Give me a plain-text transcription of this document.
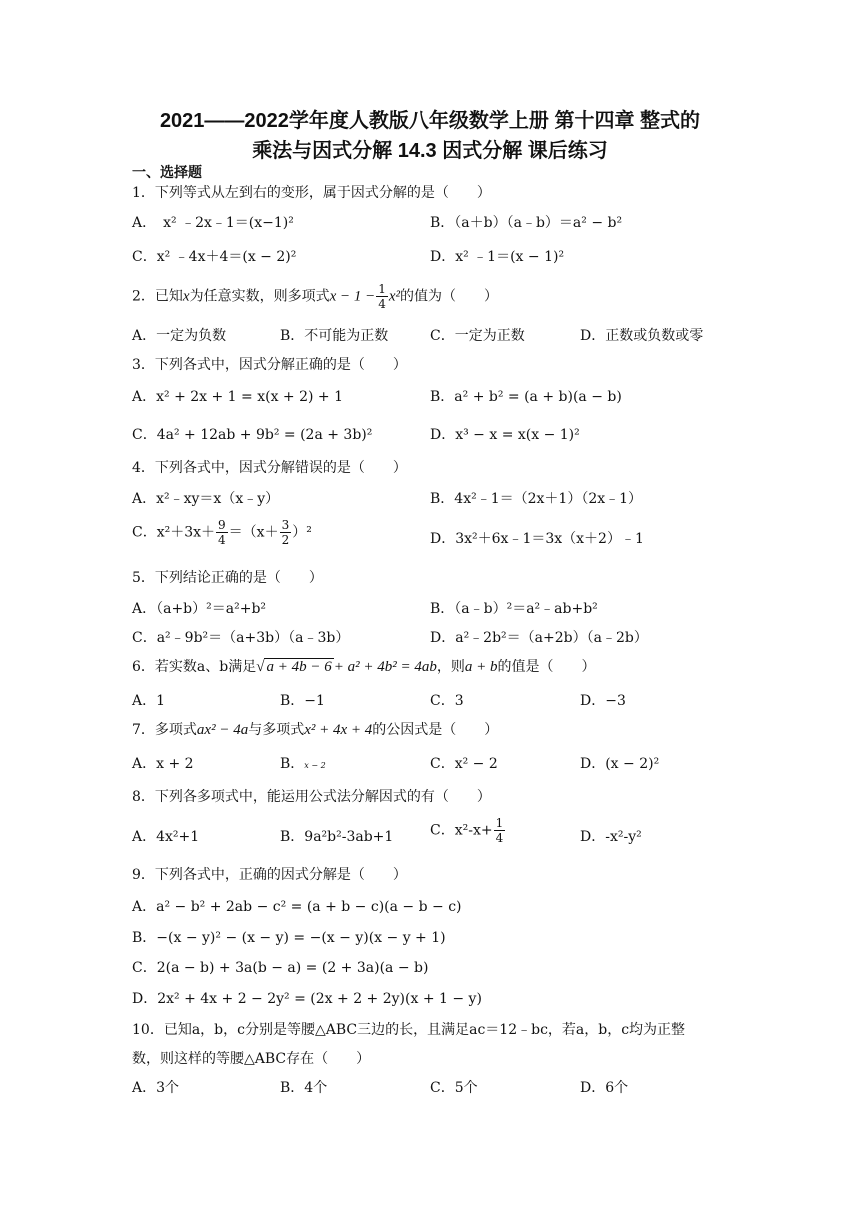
2021——2022学年度人教版八年级数学上册 第十四章 整式的
乘法与因式分解 14.3 因式分解 课后练习
一、选择题
1．下列等式从左到右的变形，属于因式分解的是（　　）
A．　x² ﹣2x﹣1＝(x−1)²	B．（a＋b）（a﹣b）＝a² − b²
C．x² ﹣4x＋4＝(x − 2)²	D．x² ﹣1＝(x − 1)²
2．已知x为任意实数，则多项式$x - 1 - \frac{1}{4} x^2$的值为（　　）
A．一定为负数	B．不可能为正数	C．一定为正数	D．正数或负数或零
3．下列各式中，因式分解正确的是（　　）
A．x² + 2x + 1 = x(x + 2) + 1	B．a² + b² = (a + b)(a − b)
C．4a² + 12ab + 9b² = (2a + 3b)²	D．x³ − x = x(x − 1)²
4．下列各式中，因式分解错误的是（　　）
A．x²﹣xy＝x（x﹣y）	B．4x²﹣1＝（2x＋1）（2x﹣1）
C．$x^2+3x+ \frac{9}{4} =(x+ \frac{3}{2} )^2$	D．3x²＋6x﹣1＝3x（x＋2）﹣1
5．下列结论正确的是（　　）
A．（a+b）²＝a²+b²	B．（a﹣b）²＝a²﹣ab+b²
C．a²﹣9b²＝（a+3b）（a﹣3b）	D．a²﹣2b²＝（a+2b）（a﹣2b）
6．若实数a、b满足√ a + 4b − 6 + a² + 4b² = 4ab，则a + b的值是（　　）
A．1	B．−1	C．3	D．−3
7．多项式ax² − 4a与多项式x² + 4x + 4的公因式是（　　）
A．x + 2	B．x − 2	C．x² − 2	D．(x − 2)²
8．下列各多项式中，能运用公式法分解因式的有（　　）
A．4x²+1	B．9a²b²-3ab+1	C．$x^2-x+ \frac{1}{4}$	D．-x²-y²
9．下列各式中，正确的因式分解是（　　）
A．a² − b² + 2ab − c² = (a + b − c)(a − b − c)
B．−(x − y)² − (x − y) = −(x − y)(x − y + 1)
C．2(a − b) + 3a(b − a) = (2 + 3a)(a − b)
D．2x² + 4x + 2 − 2y² = (2x + 2 + 2y)(x + 1 − y)
10．已知a，b，c分别是等腰△ABC三边的长，且满足ac＝12﹣bc，若a，b，c均为正整
数，则这样的等腰△ABC存在（　　）
A．3个	B．4个	C．5个	D．6个
